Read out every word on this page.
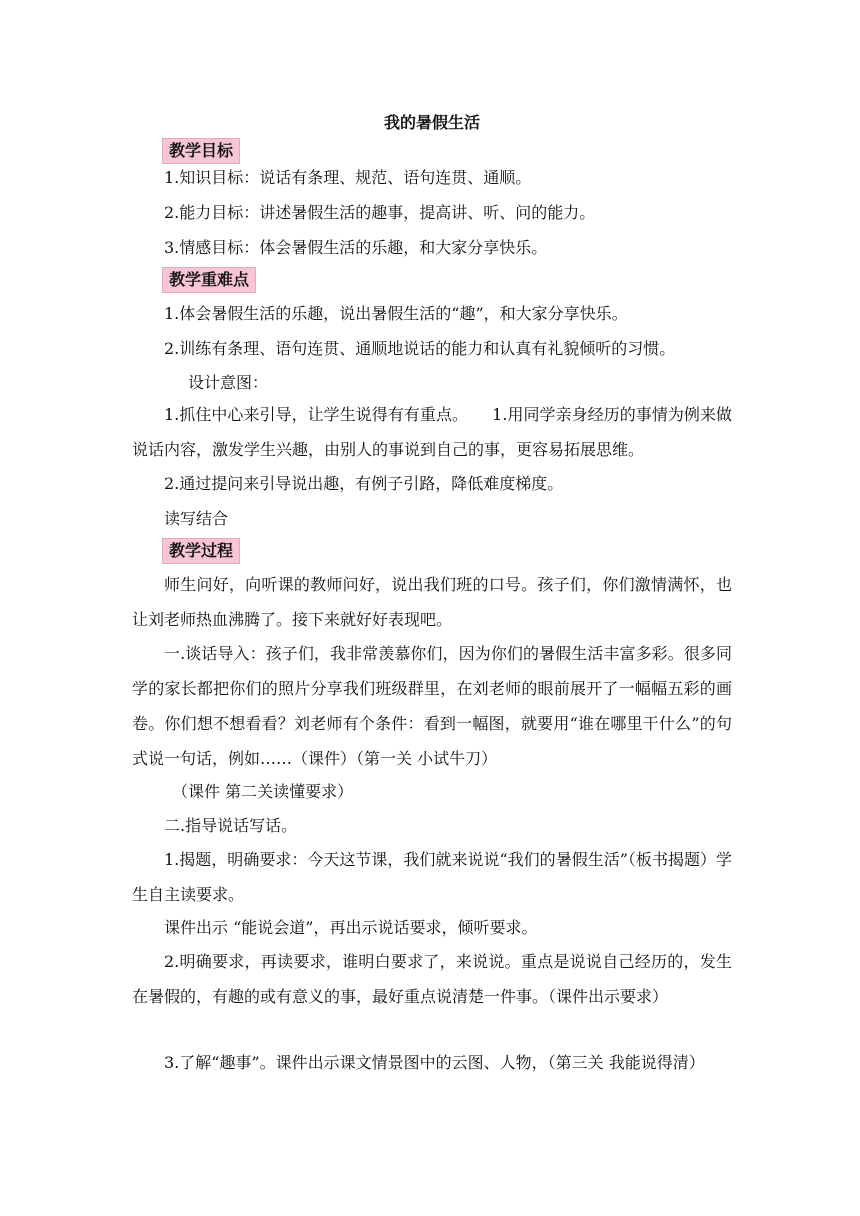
我的暑假生活
教学目标
1.知识目标：说话有条理、规范、语句连贯、通顺。
2.能力目标：讲述暑假生活的趣事，提高讲、听、问的能力。
3.情感目标：体会暑假生活的乐趣，和大家分享快乐。
教学重难点
1.体会暑假生活的乐趣，说出暑假生活的“趣”，和大家分享快乐。
2.训练有条理、语句连贯、通顺地说话的能力和认真有礼貌倾听的习惯。
设计意图：
1.抓住中心来引导，让学生说得有有重点。　　1.用同学亲身经历的事情为例来做说话内容，激发学生兴趣，由别人的事说到自己的事，更容易拓展思维。
2.通过提问来引导说出趣，有例子引路，降低难度梯度。
读写结合
教学过程
师生问好，向听课的教师问好，说出我们班的口号。孩子们，你们激情满怀，也让刘老师热血沸腾了。接下来就好好表现吧。
一.谈话导入：孩子们，我非常羡慕你们，因为你们的暑假生活丰富多彩。很多同学的家长都把你们的照片分享我们班级群里，在刘老师的眼前展开了一幅幅五彩的画卷。你们想不想看看？刘老师有个条件：看到一幅图，就要用“谁在哪里干什么”的句式说一句话，例如……（课件）（第一关 小试牛刀）
（课件 第二关读懂要求）
二.指导说话写话。
1.揭题，明确要求：今天这节课，我们就来说说“我们的暑假生活”（板书揭题）学生自主读要求。
课件出示 “能说会道”，再出示说话要求，倾听要求。
2.明确要求，再读要求，谁明白要求了，来说说。重点是说说自己经历的，发生在暑假的，有趣的或有意义的事，最好重点说清楚一件事。（课件出示要求）
3.了解“趣事”。课件出示课文情景图中的云图、人物，（第三关 我能说得清）
